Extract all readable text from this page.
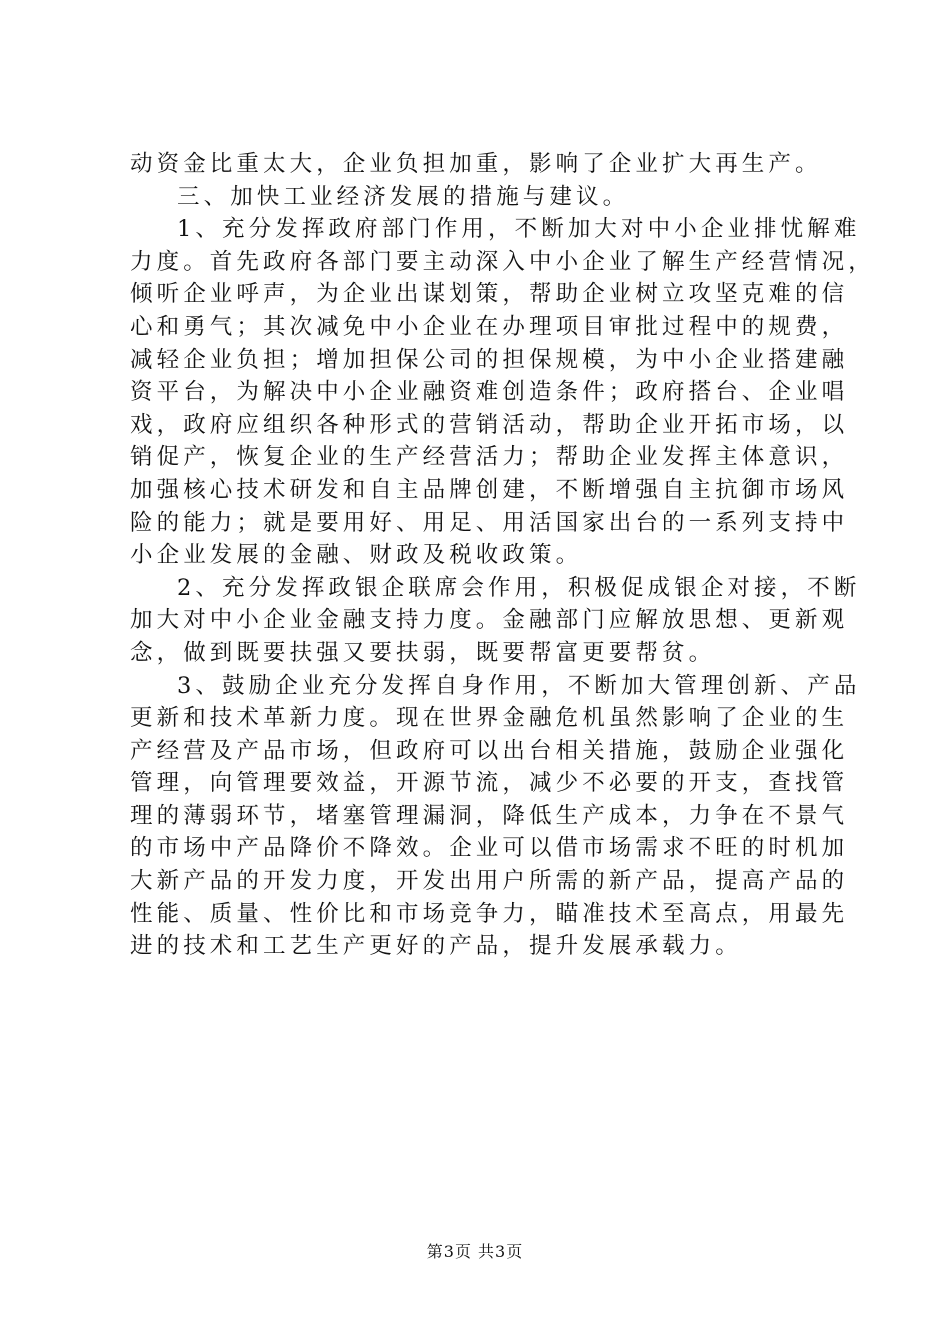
动资金比重太大，企业负担加重，影响了企业扩大再生产。
三、加快工业经济发展的措施与建议。
1、充分发挥政府部门作用，不断加大对中小企业排忧解难
力度。首先政府各部门要主动深入中小企业了解生产经营情况，
倾听企业呼声，为企业出谋划策，帮助企业树立攻坚克难的信
心和勇气；其次减免中小企业在办理项目审批过程中的规费，
减轻企业负担；增加担保公司的担保规模，为中小企业搭建融
资平台，为解决中小企业融资难创造条件；政府搭台、企业唱
戏，政府应组织各种形式的营销活动，帮助企业开拓市场，以
销促产，恢复企业的生产经营活力；帮助企业发挥主体意识，
加强核心技术研发和自主品牌创建，不断增强自主抗御市场风
险的能力；就是要用好、用足、用活国家出台的一系列支持中
小企业发展的金融、财政及税收政策。
2、充分发挥政银企联席会作用，积极促成银企对接，不断
加大对中小企业金融支持力度。金融部门应解放思想、更新观
念，做到既要扶强又要扶弱，既要帮富更要帮贫。
3、鼓励企业充分发挥自身作用，不断加大管理创新、产品
更新和技术革新力度。现在世界金融危机虽然影响了企业的生
产经营及产品市场，但政府可以出台相关措施，鼓励企业强化
管理，向管理要效益，开源节流，减少不必要的开支，查找管
理的薄弱环节，堵塞管理漏洞，降低生产成本，力争在不景气
的市场中产品降价不降效。企业可以借市场需求不旺的时机加
大新产品的开发力度，开发出用户所需的新产品，提高产品的
性能、质量、性价比和市场竞争力，瞄准技术至高点，用最先
进的技术和工艺生产更好的产品，提升发展承载力。
第3页 共3页
